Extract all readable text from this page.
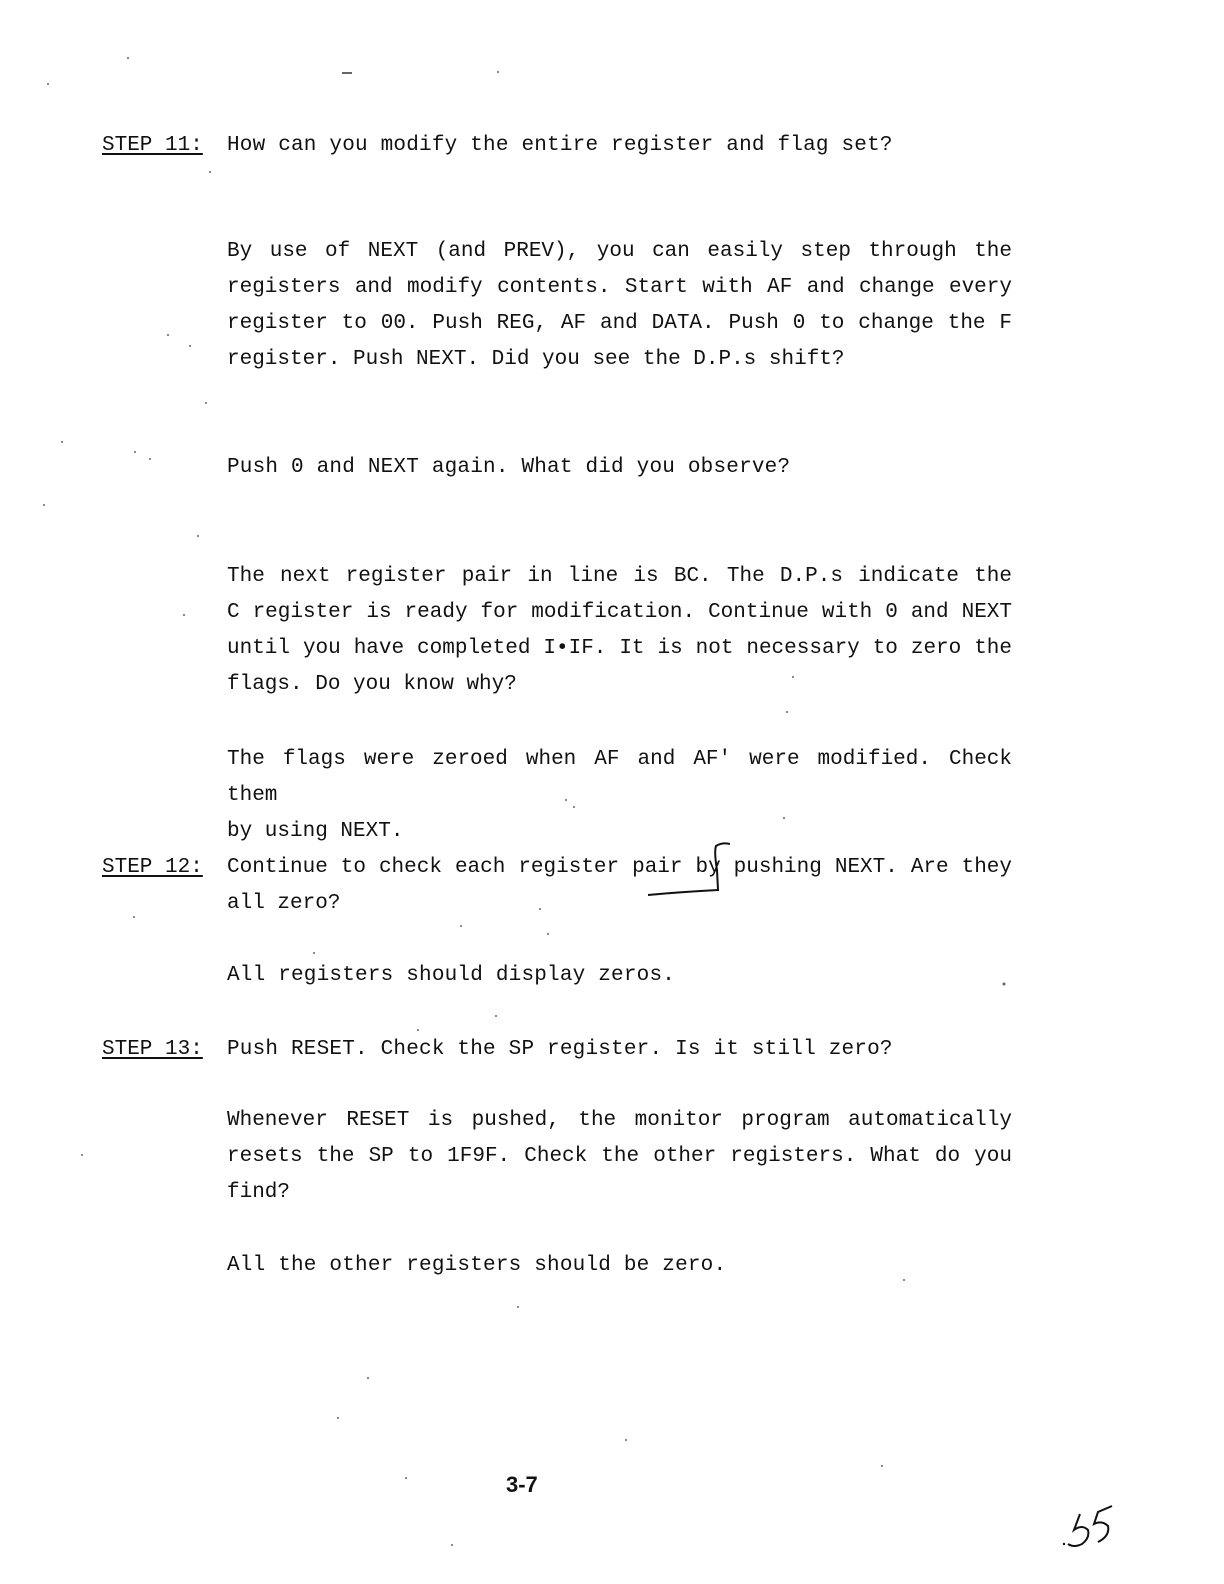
STEP 11: How can you modify the entire register and flag set?
By use of NEXT (and PREV), you can easily step through the
registers and modify contents. Start with AF and change every
register to 00. Push REG, AF and DATA. Push 0 to change the F
register. Push NEXT. Did you see the D.P.s shift?
Push 0 and NEXT again. What did you observe?
The next register pair in line is BC. The D.P.s indicate the
C register is ready for modification. Continue with 0 and NEXT
until you have completed I•IF. It is not necessary to zero the
flags. Do you know why?
The flags were zeroed when AF and AF' were modified. Check them
by using NEXT.
STEP 12: Continue to check each register pair by pushing NEXT. Are they
all zero?
All registers should display zeros.
STEP 13: Push RESET. Check the SP register. Is it still zero?
Whenever RESET is pushed, the monitor program automatically
resets the SP to 1F9F. Check the other registers. What do you
find?
All the other registers should be zero.
3-7
